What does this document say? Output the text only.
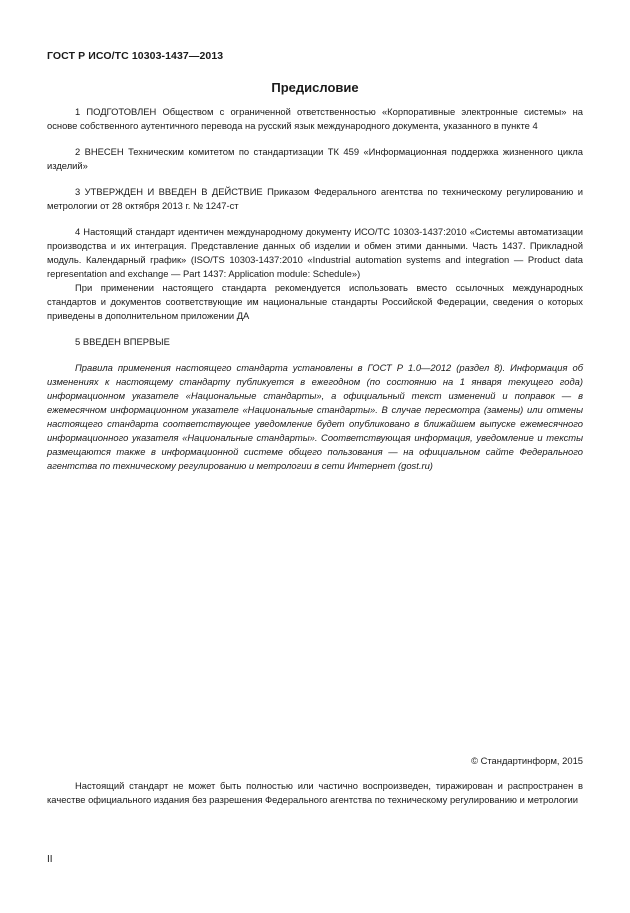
ГОСТ Р ИСО/ТС 10303-1437—2013
Предисловие

1 ПОДГОТОВЛЕН Обществом с ограниченной ответственностью «Корпоративные электронные системы» на основе собственного аутентичного перевода на русский язык международного документа, указанного в пункте 4

2 ВНЕСЕН Техническим комитетом по стандартизации ТК 459 «Информационная поддержка жизненного цикла изделий»

3 УТВЕРЖДЕН И ВВЕДЕН В ДЕЙСТВИЕ Приказом Федерального агентства по техническому регулированию и метрологии от 28 октября 2013 г. № 1247-ст

4 Настоящий стандарт идентичен международному документу ИСО/ТС 10303-1437:2010 «Системы автоматизации производства и их интеграция. Представление данных об изделии и обмен этими данными. Часть 1437. Прикладной модуль. Календарный график» (ISO/TS 10303-1437:2010 «Industrial automation systems and integration — Product data representation and exchange — Part 1437: Application module: Schedule»)

При применении настоящего стандарта рекомендуется использовать вместо ссылочных международных стандартов и документов соответствующие им национальные стандарты Российской Федерации, сведения о которых приведены в дополнительном приложении ДА

5 ВВЕДЕН ВПЕРВЫЕ

Правила применения настоящего стандарта установлены в ГОСТ Р 1.0—2012 (раздел 8). Информация об изменениях к настоящему стандарту публикуется в ежегодном (по состоянию на 1 января текущего года) информационном указателе «Национальные стандарты», а официальный текст изменений и поправок — в ежемесячном информационном указателе «Национальные стандарты». В случае пересмотра (замены) или отмены настоящего стандарта соответствующее уведомление будет опубликовано в ближайшем выпуске ежемесячного информационного указателя «Национальные стандарты». Соответствующая информация, уведомление и тексты размещаются также в информационной системе общего пользования — на официальном сайте Федерального агентства по техническому регулированию и метрологии в сети Интернет (gost.ru)

© Стандартинформ, 2015

Настоящий стандарт не может быть полностью или частично воспроизведен, тиражирован и распространен в качестве официального издания без разрешения Федерального агентства по техническому регулированию и метрологии

II
